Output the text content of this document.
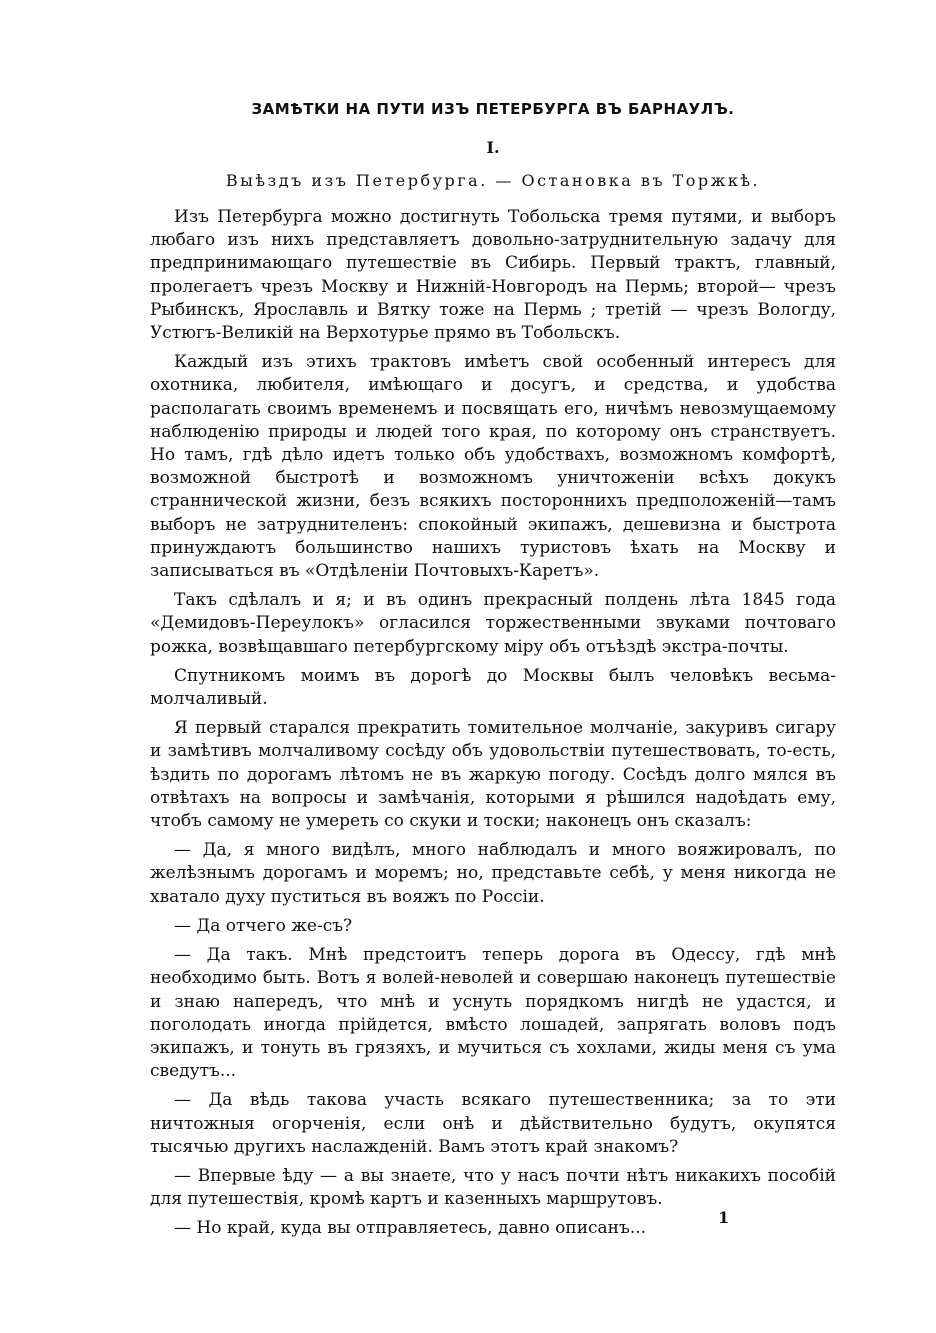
ЗАМѢТКИ НА ПУТИ ИЗЪ ПЕТЕРБУРГА ВЪ БАРНАУЛЪ.
I.
Выѣздъ изъ Петербурга. — Остановка въ Торжкѣ.

Изъ Петербурга можно достигнуть Тобольска тремя путями, и выборъ любаго изъ нихъ представляетъ довольно-затруднительную задачу для предпринимающаго путешествіе въ Сибирь. Первый трактъ, главный, пролегаетъ чрезъ Москву и Нижній-Новгородъ на Пермь; второй— чрезъ Рыбинскъ, Ярославль и Вятку тоже на Пермь ; третій — чрезъ Вологду, Устюгъ-Великій на Верхотурье прямо въ Тобольскъ.

Каждый изъ этихъ трактовъ имѣетъ свой особенный интересъ для охотника, любителя, имѣющаго и досугъ, и средства, и удобства располагать своимъ временемъ и посвящать его, ничѣмъ невозмущаемому наблюденію природы и людей того края, по которому онъ странствуетъ. Но тамъ, гдѣ дѣло идетъ только объ удобствахъ, возможномъ комфортѣ, возможной быстротѣ и возможномъ уничтоженіи всѣхъ докукъ страннической жизни, безъ всякихъ постороннихъ предположеній—тамъ выборъ не затруднителенъ: спокойный экипажъ, дешевизна и быстрота принуждаютъ большинство нашихъ туристовъ ѣхать на Москву и записываться въ «Отдѣленіи Почтовыхъ-Каретъ».

Такъ сдѣлалъ и я; и въ одинъ прекрасный полдень лѣта 1845 года «Демидовъ-Переулокъ» огласился торжественными звуками почтоваго рожка, возвѣщавшаго петербургскому міру объ отъѣздѣ экстра-почты.

Спутникомъ моимъ въ дорогѣ до Москвы былъ человѣкъ весьма-молчаливый.

Я первый старался прекратить томительное молчаніе, закуривъ сигару и замѣтивъ молчаливому сосѣду объ удовольствіи путешествовать, то-есть, ѣздить по дорогамъ лѣтомъ не въ жаркую погоду. Сосѣдъ долго мялся въ отвѣтахъ на вопросы и замѣчанія, которыми я рѣшился надоѣдать ему, чтобъ самому не умереть со скуки и тоски; наконецъ онъ сказалъ:

— Да, я много видѣлъ, много наблюдалъ и много вояжировалъ, по желѣзнымъ дорогамъ и моремъ; но, представьте себѣ, у меня никогда не хватало духу пуститься въ вояжъ по Россіи.

— Да отчего же-съ?

— Да такъ. Мнѣ предстоитъ теперь дорога въ Одессу, гдѣ мнѣ необходимо быть. Вотъ я волей-неволей и совершаю наконецъ путешествіе и знаю напередъ, что мнѣ и уснуть порядкомъ нигдѣ не удастся, и поголодать иногда прійдется, вмѣсто лошадей, запрягать воловъ подъ экипажъ, и тонуть въ грязяхъ, и мучиться съ хохлами, жиды меня съ ума сведутъ...

— Да вѣдь такова участь всякаго путешественника; за то эти ничтожныя огорченія, если онѣ и дѣйствительно будутъ, окупятся тысячью другихъ наслажденій. Вамъ этотъ край знакомъ?

— Впервые ѣду — а вы знаете, что у насъ почти нѣтъ никакихъ пособій для путешествія, кромѣ картъ и казенныхъ маршрутовъ.

— Но край, куда вы отправляетесь, давно описанъ...

1
